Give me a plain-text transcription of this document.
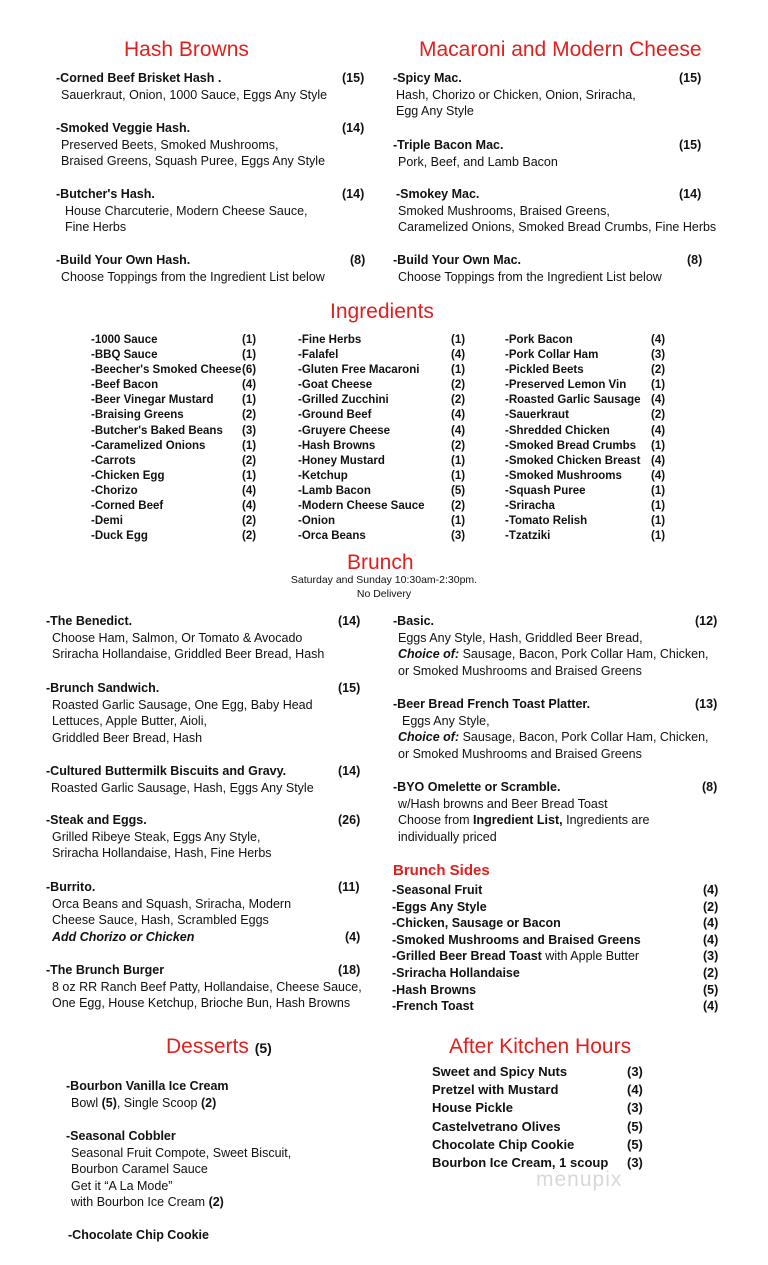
Hash Browns
-Corned Beef Brisket Hash .	(15)
Sauerkraut, Onion, 1000 Sauce, Eggs Any Style
-Smoked Veggie Hash.	(14)
Preserved Beets, Smoked Mushrooms,
Braised Greens, Squash Puree, Eggs Any Style
-Butcher's Hash.	(14)
House Charcuterie, Modern Cheese Sauce,
Fine Herbs
-Build Your Own Hash.	(8)
Choose Toppings from the Ingredient List below
Macaroni and Modern Cheese
-Spicy Mac.	(15)
Hash, Chorizo or Chicken, Onion, Sriracha,
Egg Any Style
-Triple Bacon Mac.	(15)
Pork, Beef, and Lamb Bacon
-Smokey Mac.	(14)
Smoked Mushrooms, Braised Greens,
Caramelized Onions, Smoked Bread Crumbs, Fine Herbs
-Build Your Own Mac.	(8)
Choose Toppings from the Ingredient List below
Ingredients
-1000 Sauce	(1)
-BBQ Sauce	(1)
-Beecher's Smoked Cheese (6)
-Beef Bacon	(4)
-Beer Vinegar Mustard (1)
-Braising Greens	(2)
-Butcher's Baked Beans (3)
-Caramelized Onions	(1)
-Carrots	(2)
-Chicken Egg	(1)
-Chorizo	(4)
-Corned Beef	(4)
-Demi	(2)
-Duck Egg	(2)
-Fine Herbs	(1)
-Falafel	(4)
-Gluten Free Macaroni	(1)
-Goat Cheese	(2)
-Grilled Zucchini	(2)
-Ground Beef	(4)
-Gruyere Cheese	(4)
-Hash Browns	(2)
-Honey Mustard	(1)
-Ketchup	(1)
-Lamb Bacon	(5)
-Modern Cheese Sauce (2)
-Onion	(1)
-Orca Beans	(3)
-Pork Bacon	(4)
-Pork Collar Ham	(3)
-Pickled Beets	(2)
-Preserved Lemon Vin (1)
-Roasted Garlic Sausage (4)
-Sauerkraut	(2)
-Shredded Chicken	(4)
-Smoked Bread Crumbs (1)
-Smoked Chicken Breast (4)
-Smoked Mushrooms	(4)
-Squash Puree	(1)
-Sriracha	(1)
-Tomato Relish	(1)
-Tzatziki	(1)
Brunch
Saturday and Sunday 10:30am-2:30pm.
No Delivery
-The Benedict.	(14)
Choose Ham, Salmon, Or Tomato & Avocado
Sriracha Hollandaise, Griddled Beer Bread, Hash
-Brunch Sandwich.	(15)
Roasted Garlic Sausage, One Egg, Baby Head
Lettuces, Apple Butter, Aioli,
Griddled Beer Bread, Hash
-Cultured Buttermilk Biscuits and Gravy.	(14)
Roasted Garlic Sausage, Hash, Eggs Any Style
-Steak and Eggs.	(26)
Grilled Ribeye Steak, Eggs Any Style,
Sriracha Hollandaise, Hash, Fine Herbs
-Burrito.	(11)
Orca Beans and Squash, Sriracha, Modern
Cheese Sauce, Hash, Scrambled Eggs
Add Chorizo or Chicken	(4)
-The Brunch Burger	(18)
8 oz RR Ranch Beef Patty, Hollandaise, Cheese Sauce,
One Egg, House Ketchup, Brioche Bun, Hash Browns
-Basic.	(12)
Eggs Any Style, Hash, Griddled Beer Bread,
Choice of: Sausage, Bacon, Pork Collar Ham, Chicken,
or Smoked Mushrooms and Braised Greens
-Beer Bread French Toast Platter.	(13)
Eggs Any Style,
Choice of: Sausage, Bacon, Pork Collar Ham, Chicken,
or Smoked Mushrooms and Braised Greens
-BYO Omelette or Scramble.	(8)
w/Hash browns and Beer Bread Toast
Choose from Ingredient List, Ingredients are
individually priced
Brunch Sides
-Seasonal Fruit	(4)
-Eggs Any Style	(2)
-Chicken, Sausage or Bacon	(4)
-Smoked Mushrooms and Braised Greens	(4)
-Grilled Beer Bread Toast with Apple Butter	(3)
-Sriracha Hollandaise	(2)
-Hash Browns	(5)
-French Toast	(4)
Desserts (5)
-Bourbon Vanilla Ice Cream
Bowl (5), Single Scoop (2)
-Seasonal Cobbler
Seasonal Fruit Compote, Sweet Biscuit,
Bourbon Caramel Sauce
Get it “A La Mode”
with Bourbon Ice Cream (2)
-Chocolate Chip Cookie
After Kitchen Hours
Sweet and Spicy Nuts	(3)
Pretzel with Mustard	(4)
House Pickle	(3)
Castelvetrano Olives	(5)
Chocolate Chip Cookie	(5)
Bourbon Ice Cream, 1 scoup (3)
menupix
